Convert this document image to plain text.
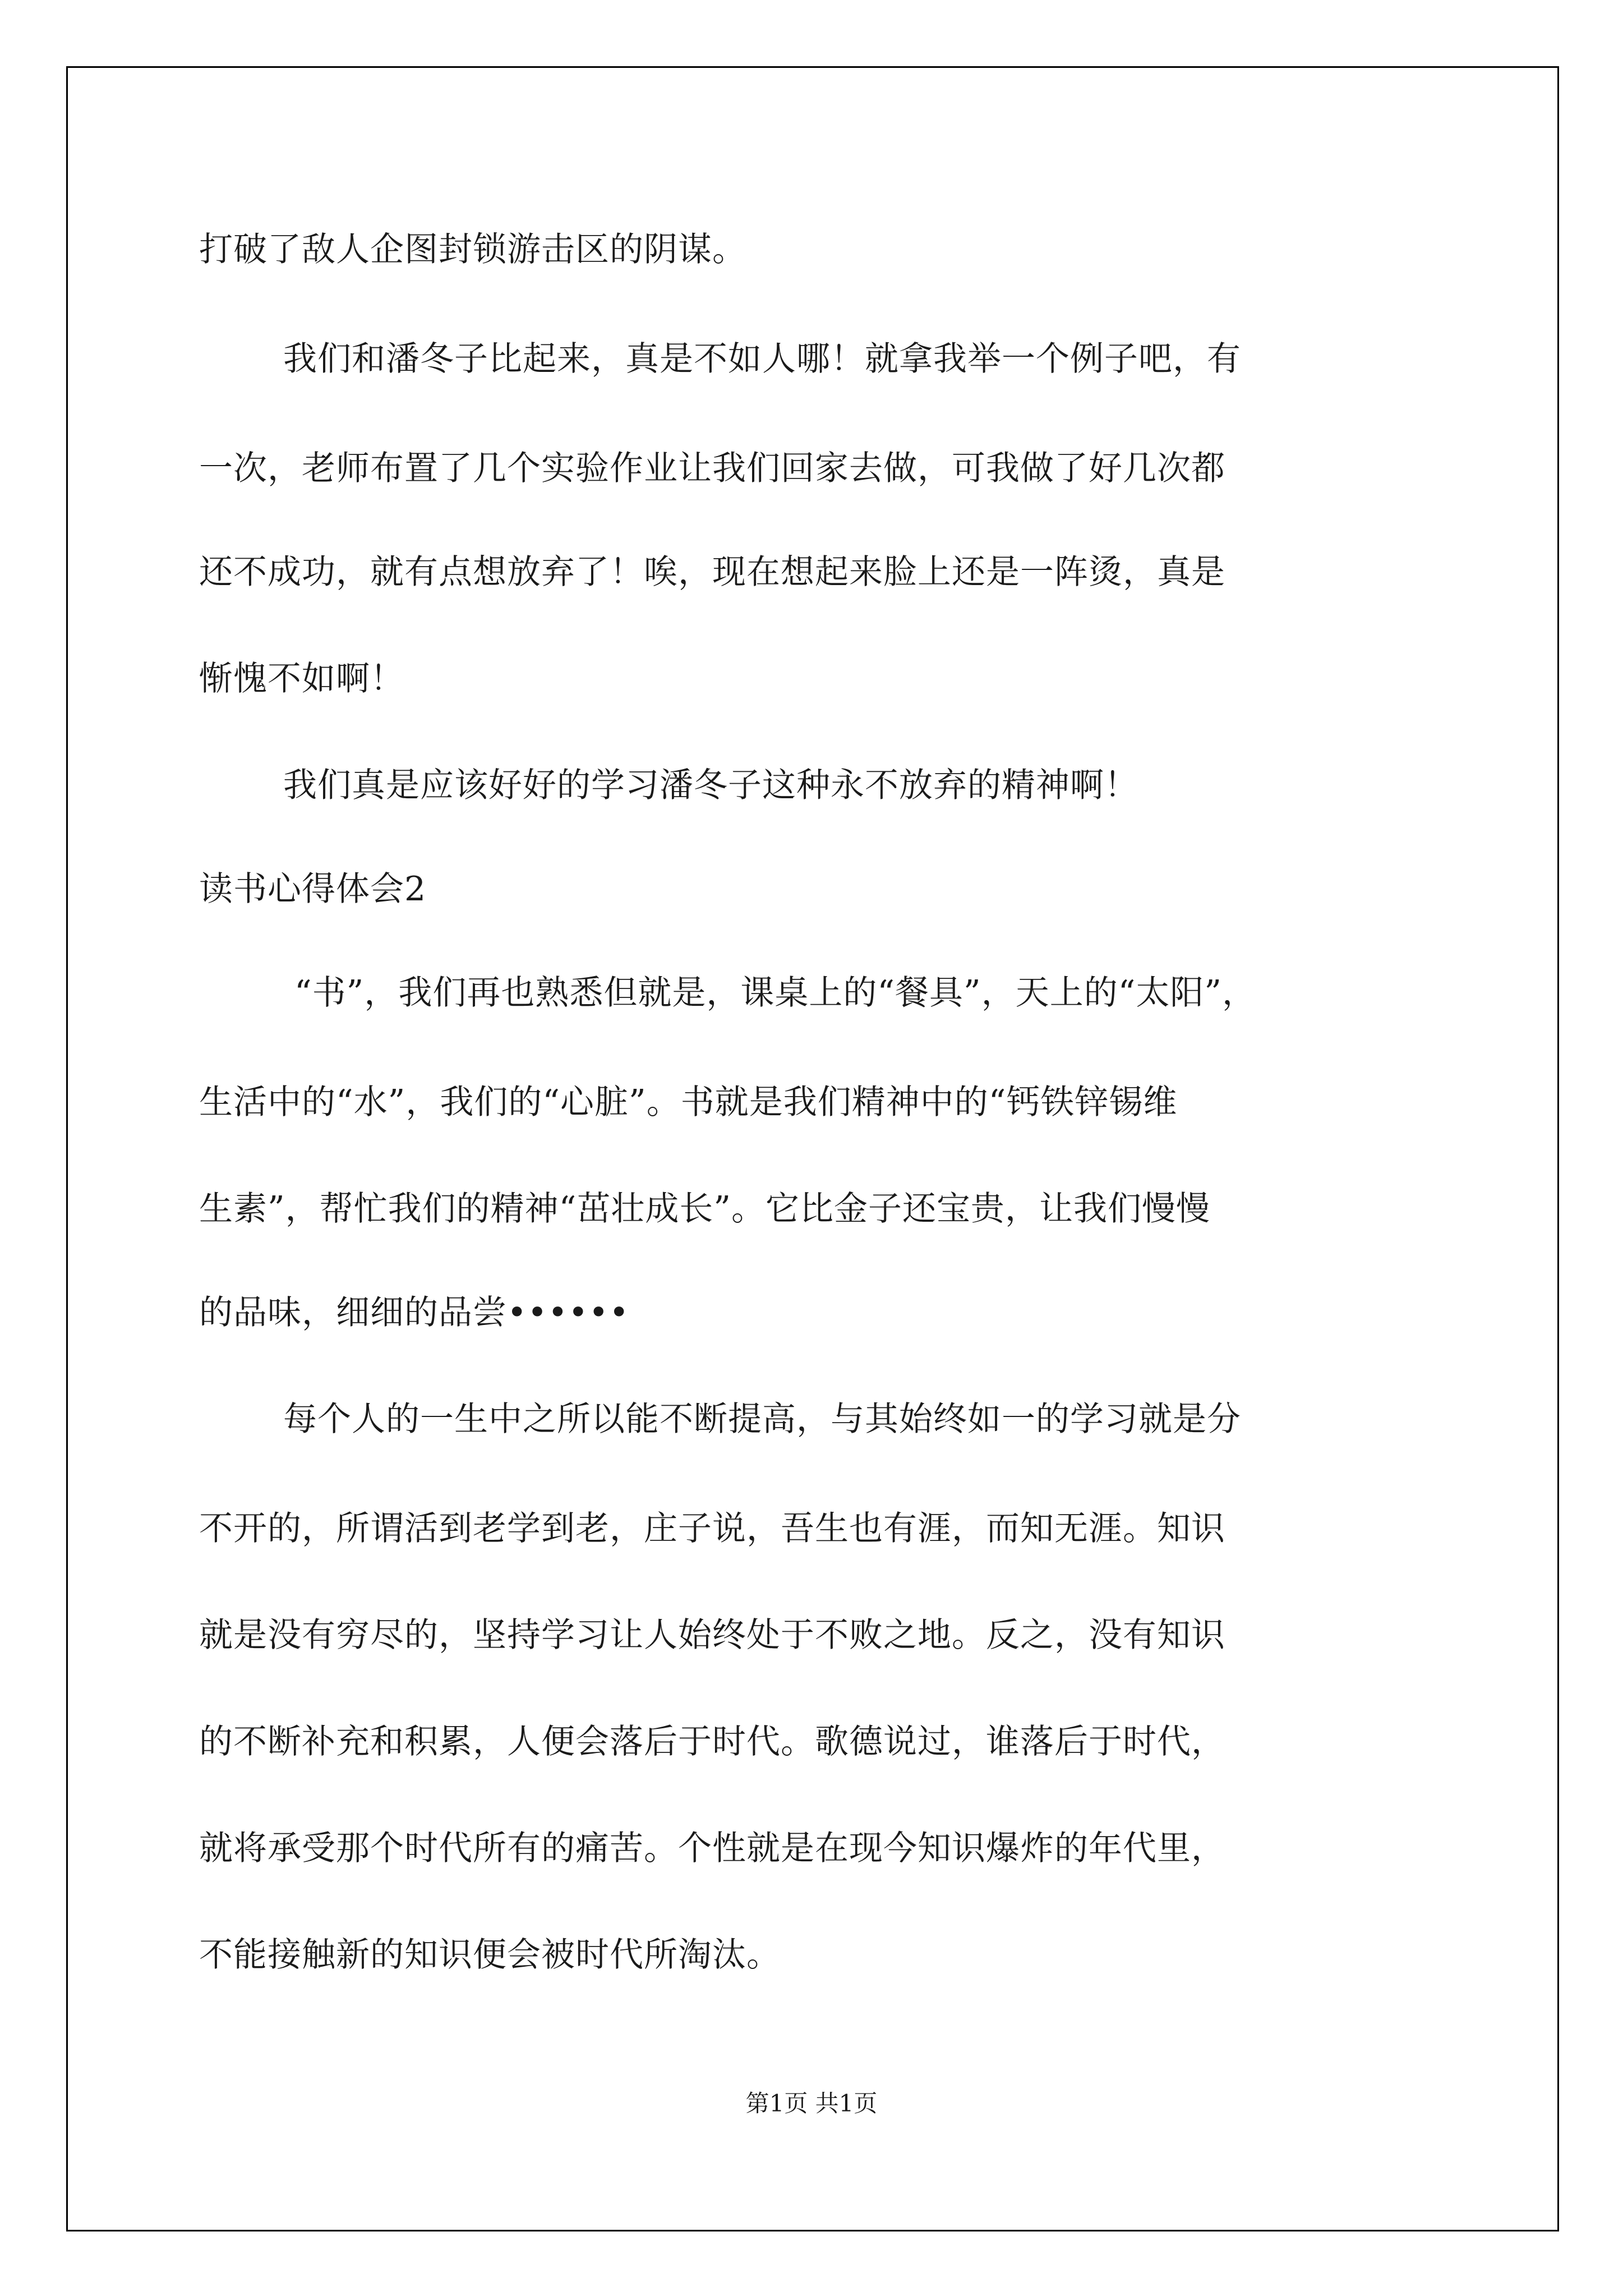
打破了敌人企图封锁游击区的阴谋。
我们和潘冬子比起来，真是不如人哪！就拿我举一个例子吧，有
一次，老师布置了几个实验作业让我们回家去做，可我做了好几次都
还不成功，就有点想放弃了！唉，现在想起来脸上还是一阵烫，真是
惭愧不如啊！
我们真是应该好好的学习潘冬子这种永不放弃的精神啊！
读书心得体会2
“书”，我们再也熟悉但就是，课桌上的“餐具”，天上的“太阳”，
生活中的“水”，我们的“心脏”。书就是我们精神中的“钙铁锌锡维
生素”，帮忙我们的精神“茁壮成长”。它比金子还宝贵，让我们慢慢
的品味，细细的品尝••••••
每个人的一生中之所以能不断提高，与其始终如一的学习就是分
不开的，所谓活到老学到老，庄子说，吾生也有涯，而知无涯。知识
就是没有穷尽的，坚持学习让人始终处于不败之地。反之，没有知识
的不断补充和积累，人便会落后于时代。歌德说过，谁落后于时代，
就将承受那个时代所有的痛苦。个性就是在现今知识爆炸的年代里，
不能接触新的知识便会被时代所淘汰。
第1页 共1页
